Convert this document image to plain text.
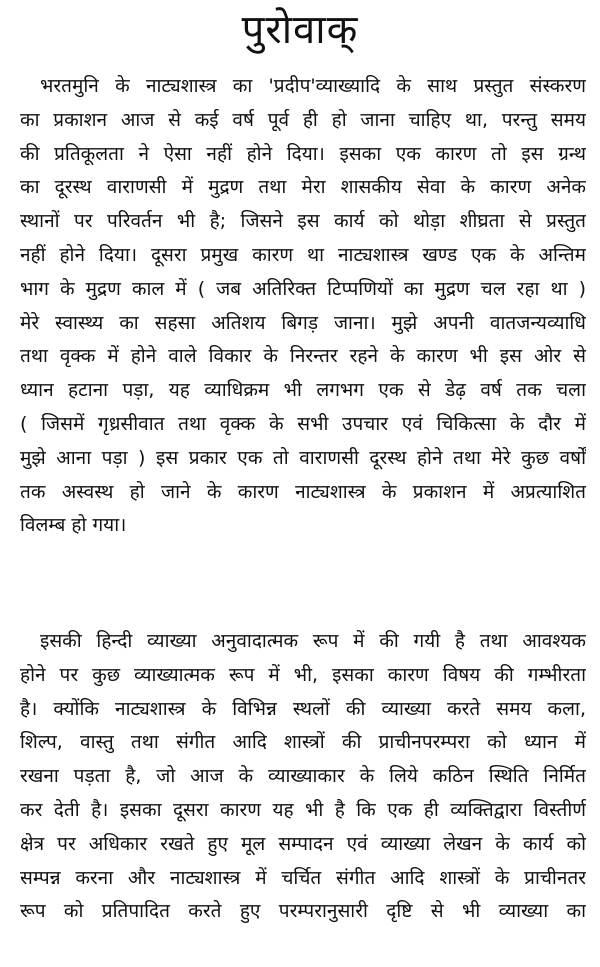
पुरोवाक्
भरतमुनि के नाट्यशास्त्र का 'प्रदीप'व्याख्यादि के साथ प्रस्तुत संस्करण
का प्रकाशन आज से कई वर्ष पूर्व ही हो जाना चाहिए था, परन्तु समय
की प्रतिकूलता ने ऐसा नहीं होने दिया। इसका एक कारण तो इस ग्रन्थ
का दूरस्थ वाराणसी में मुद्रण तथा मेरा शासकीय सेवा के कारण अनेक
स्थानों पर परिवर्तन भी है; जिसने इस कार्य को थोड़ा शीघ्रता से प्रस्तुत
नहीं होने दिया। दूसरा प्रमुख कारण था नाट्यशास्त्र खण्ड एक के अन्तिम
भाग के मुद्रण काल में ( जब अतिरिक्त टिप्पणियों का मुद्रण चल रहा था )
मेरे स्वास्थ्य का सहसा अतिशय बिगड़ जाना। मुझे अपनी वातजन्यव्याधि
तथा वृक्क में होने वाले विकार के निरन्तर रहने के कारण भी इस ओर से
ध्यान हटाना पड़ा, यह व्याधिक्रम भी लगभग एक से डेढ़ वर्ष तक चला
( जिसमें गृध्रसीवात तथा वृक्क के सभी उपचार एवं चिकित्सा के दौर में
मुझे आना पड़ा ) इस प्रकार एक तो वाराणसी दूरस्थ होने तथा मेरे कुछ वर्षों
तक अस्वस्थ हो जाने के कारण नाट्यशास्त्र के प्रकाशन में अप्रत्याशित
विलम्ब हो गया।
इसकी हिन्दी व्याख्या अनुवादात्मक रूप में की गयी है तथा आवश्यक
होने पर कुछ व्याख्यात्मक रूप में भी, इसका कारण विषय की गम्भीरता
है। क्योंकि नाट्यशास्त्र के विभिन्न स्थलों की व्याख्या करते समय कला,
शिल्प, वास्तु तथा संगीत आदि शास्त्रों की प्राचीनपरम्परा को ध्यान में
रखना पड़ता है, जो आज के व्याख्याकार के लिये कठिन स्थिति निर्मित
कर देती है। इसका दूसरा कारण यह भी है कि एक ही व्यक्तिद्वारा विस्तीर्ण
क्षेत्र पर अधिकार रखते हुए मूल सम्पादन एवं व्याख्या लेखन के कार्य को
सम्पन्न करना और नाट्यशास्त्र में चर्चित संगीत आदि शास्त्रों के प्राचीनतर
रूप को प्रतिपादित करते हुए परम्परानुसारी दृष्टि से भी व्याख्या का
